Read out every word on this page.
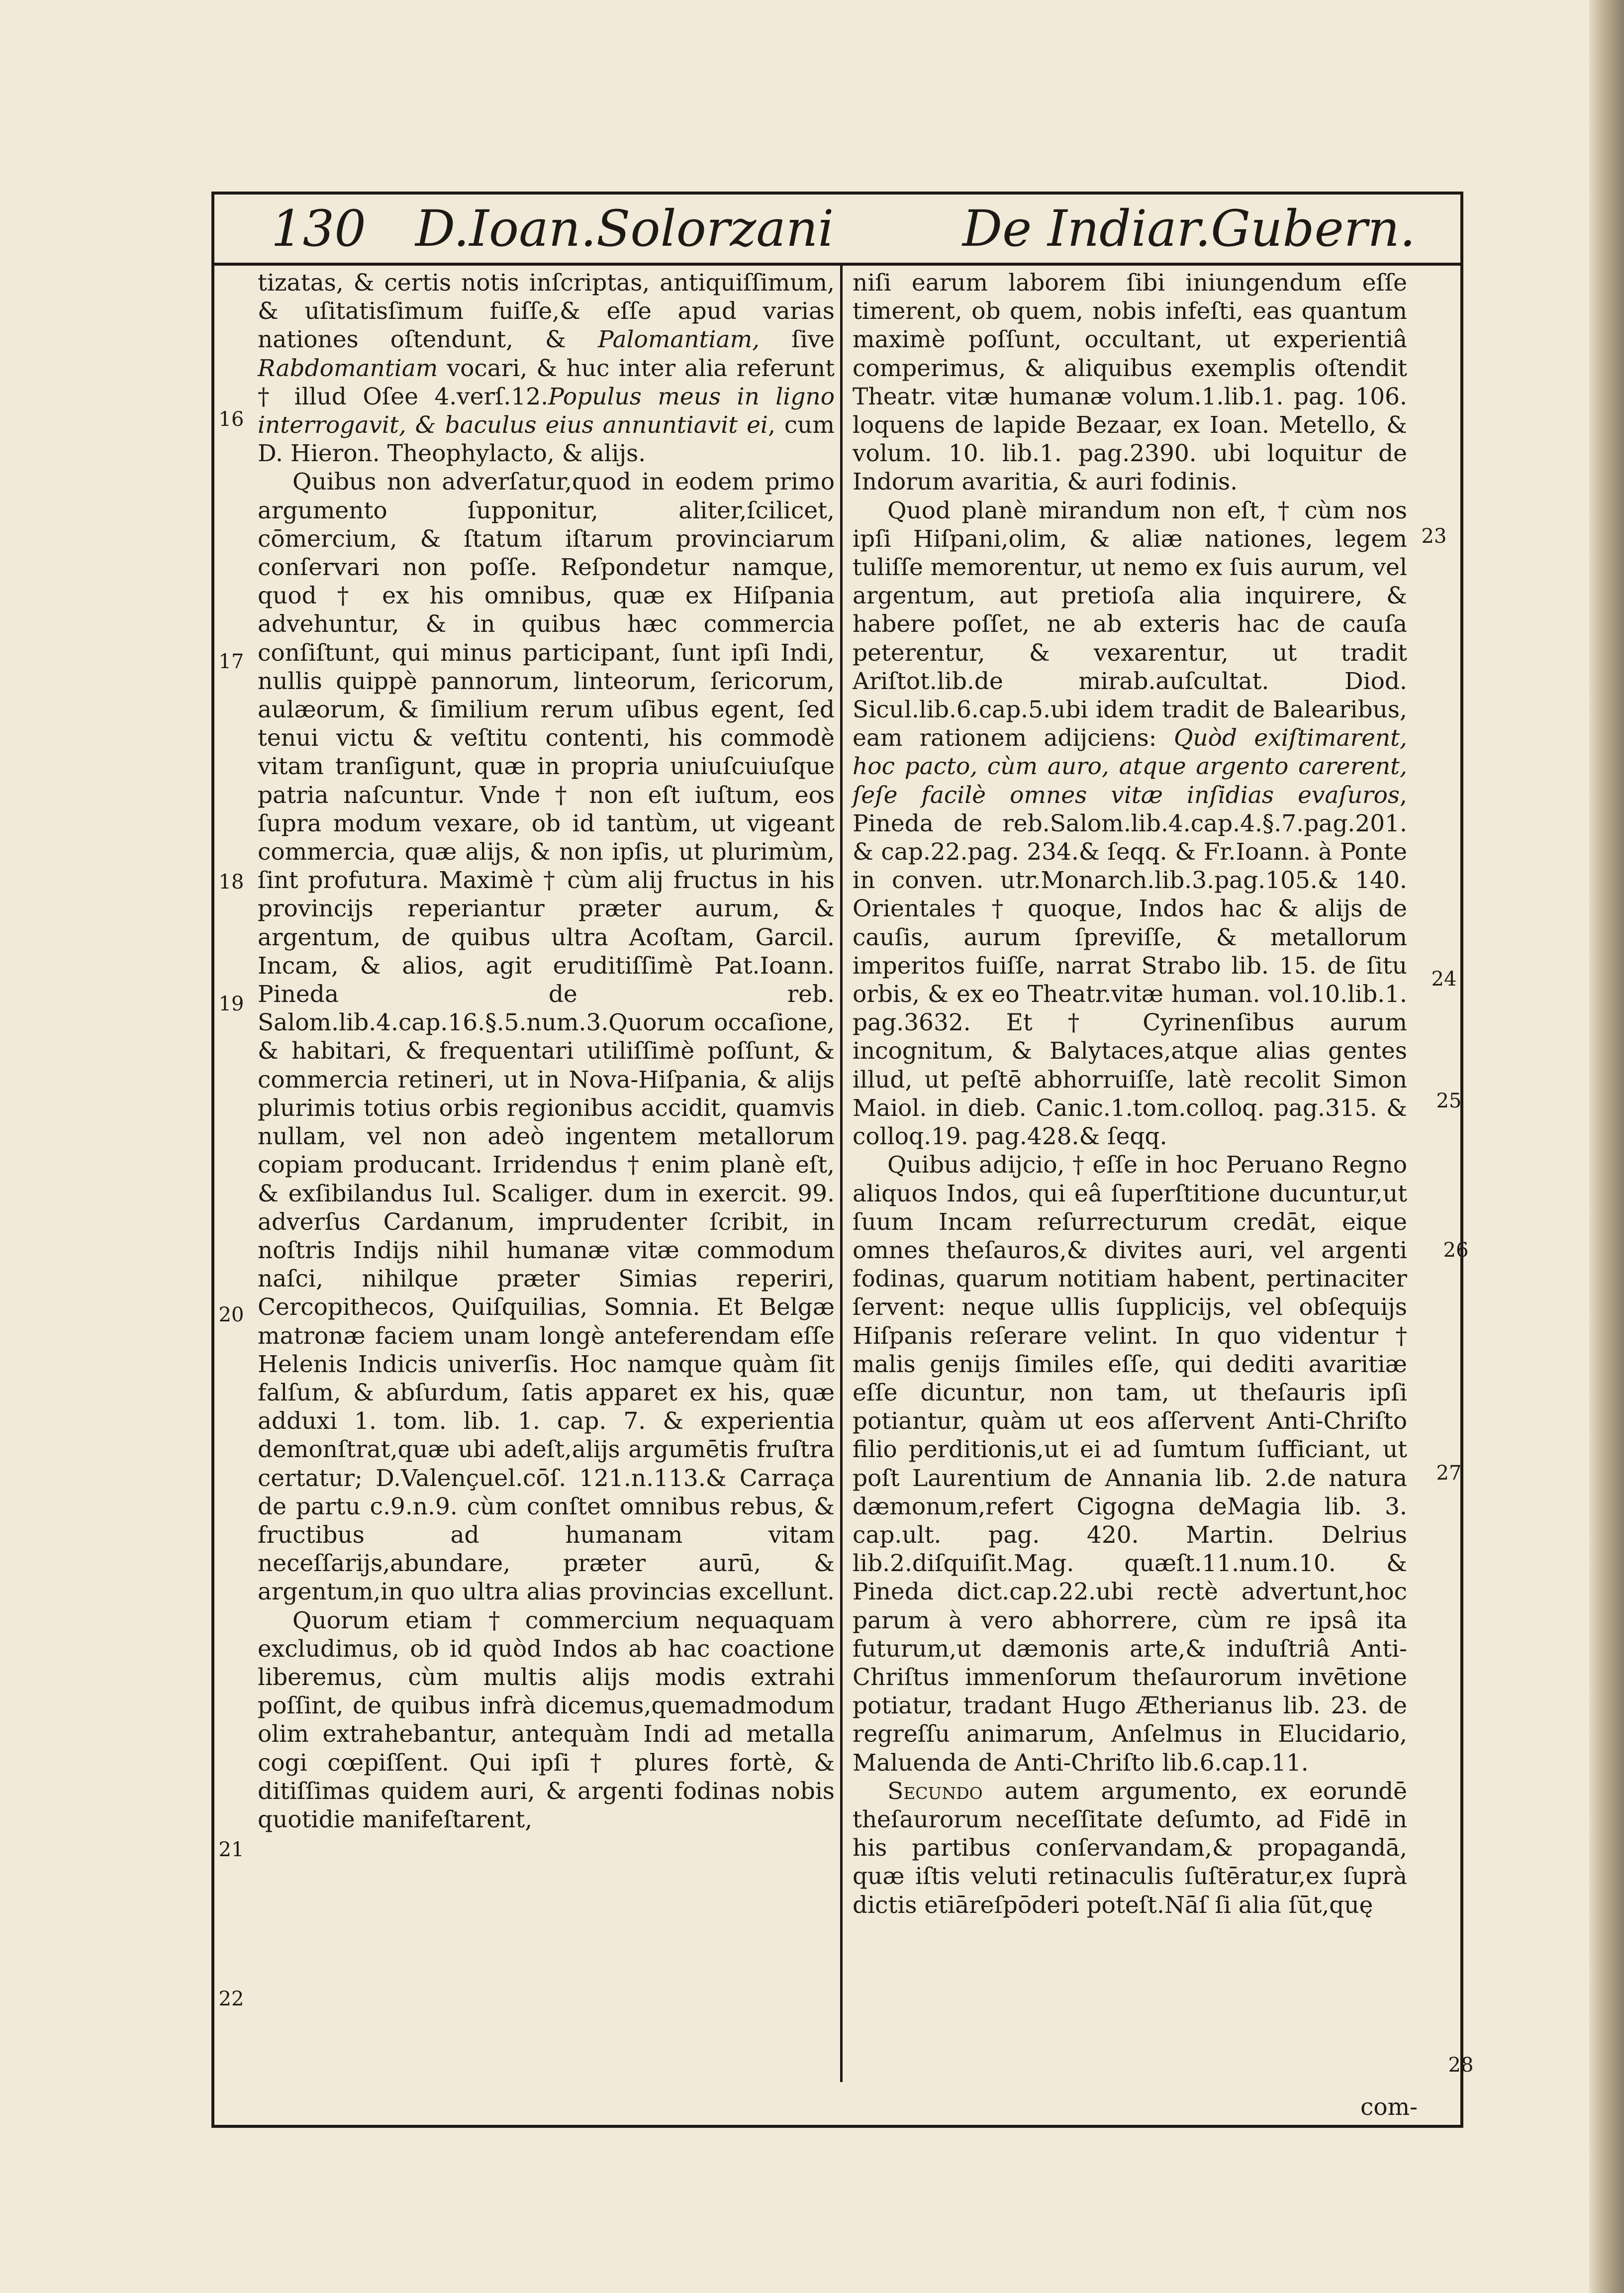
130 D.Ioan.Solorzani	De Indiar.Gubern.

tizatas, & certis notis inſcriptas, antiquiſſimum, & uſitatisſimum fuiſſe,& eſſe apud varias nationes oſtendunt, & Palomantiam, ſive Rabdomantiam vocari, & huc inter alia referunt † illud Oſee 4.verſ.12.Populus meus in ligno interrogavit, & baculus eius annuntiavit ei, cum D. Hieron. Theophylacto, & alijs.

Quibus non adverſatur,quod in eodem primo argumento ſupponitur, aliter,ſcilicet, cōmercium, & ſtatum iſtarum provinciarum conſervari non poſſe. Reſpondetur namque, quod † ex his omnibus, quæ ex Hiſpania advehuntur, & in quibus hæc commercia conſiſtunt, qui minus participant, ſunt ipſi Indi, nullis quippè pannorum, linteorum, ſericorum, aulæorum, & ſimilium rerum uſibus egent, ſed tenui victu & veſtitu contenti, his commodè vitam tranſigunt, quæ in propria uniuſcuiuſque patria naſcuntur. Vnde † non eſt iuſtum, eos ſupra modum vexare, ob id tantùm, ut vigeant commercia, quæ alijs, & non ipſis, ut plurimùm, ſint profutura. Maximè † cùm alij fructus in his provincijs reperiantur præter aurum, & argentum, de quibus ultra Acoſtam, Garcil. Incam, & alios, agit eruditiſſimè Pat.Ioann. Pineda de reb. Salom.lib.4.cap.16.§.5.num.3.Quorum occaſione, & habitari, & frequentari utiliſſimè poſſunt, & commercia retineri, ut in Nova-Hiſpania, & alijs plurimis totius orbis regionibus accidit, quamvis nullam, vel non adeò ingentem metallorum copiam producant. Irridendus † enim planè eſt, & exſibilandus Iul. Scaliger. dum in exercit. 99. adverſus Cardanum, imprudenter ſcribit, in noſtris Indijs nihil humanæ vitæ commodum naſci, nihilque præter Simias reperiri, Cercopithecos, Quiſquilias, Somnia. Et Belgæ matronæ faciem unam longè anteferendam eſſe Helenis Indicis univerſis. Hoc namque quàm ſit falſum, & abſurdum, ſatis apparet ex his, quæ adduxi 1. tom. lib. 1. cap. 7. & experientia demonſtrat,quæ ubi adeſt,alijs argumētis fruſtra certatur; D.Valençuel.cōſ. 121.n.113.& Carraça de partu c.9.n.9. cùm conſtet omnibus rebus, & fructibus ad humanam vitam neceſſarijs,abundare, præter aurū, & argentum,in quo ultra alias provincias excellunt.

Quorum etiam † commercium nequaquam excludimus, ob id quòd Indos ab hac coactione liberemus, cùm multis alijs modis extrahi poſſint, de quibus infrà dicemus,quemadmodum olim extrahebantur, antequàm Indi ad metalla cogi cœpiſſent. Qui ipſi † plures fortè, & ditiſſimas quidem auri, & argenti fodinas nobis quotidie manifeſtarent,

niſi earum laborem ſibi iniungendum eſſe timerent, ob quem, nobis infeſti, eas quantum maximè poſſunt, occultant, ut experientiâ comperimus, & aliquibus exemplis oſtendit Theatr. vitæ humanæ volum.1.lib.1. pag. 106. loquens de lapide Bezaar, ex Ioan. Metello, & volum. 10. lib.1. pag.2390. ubi loquitur de Indorum avaritia, & auri fodinis.

Quod planè mirandum non eſt, † cùm nos ipſi Hiſpani,olim, & aliæ nationes, legem tuliſſe memorentur, ut nemo ex ſuis aurum, vel argentum, aut pretioſa alia inquirere, & habere poſſet, ne ab exteris hac de cauſa peterentur, & vexarentur, ut tradit Ariſtot.lib.de mirab.auſcultat. Diod. Sicul.lib.6.cap.5.ubi idem tradit de Balearibus, eam rationem adijciens: Quòd exiſtimarent, hoc pacto, cùm auro, atque argento carerent, ſeſe facilè omnes vitæ inſidias evaſuros, Pineda de reb.Salom.lib.4.cap.4.§.7.pag.201. & cap.22.pag. 234.& ſeqq. & Fr.Ioann. à Ponte in conven. utr.Monarch.lib.3.pag.105.& 140. Orientales † quoque, Indos hac & alijs de cauſis, aurum ſpreviſſe, & metallorum imperitos fuiſſe, narrat Strabo lib. 15. de ſitu orbis, & ex eo Theatr.vitæ human. vol.10.lib.1. pag.3632. Et † Cyrinenſibus aurum incognitum, & Balytaces,atque alias gentes illud, ut peſtē abhorruiſſe, latè recolit Simon Maiol. in dieb. Canic.1.tom.colloq. pag.315. & colloq.19. pag.428.& ſeqq.

Quibus adijcio, † eſſe in hoc Peruano Regno aliquos Indos, qui eâ ſuperſtitione ducuntur,ut ſuum Incam reſurrecturum credāt, eique omnes theſauros,& divites auri, vel argenti fodinas, quarum notitiam habent, pertinaciter ſervent: neque ullis ſupplicijs, vel obſequijs Hiſpanis reſerare velint. In quo videntur † malis genijs ſimiles eſſe, qui dediti avaritiæ eſſe dicuntur, non tam, ut theſauris ipſi potiantur, quàm ut eos aſſervent Anti-Chriſto filio perditionis,ut ei ad ſumtum ſufficiant, ut poſt Laurentium de Annania lib. 2.de natura dæmonum,refert Cigogna deMagia lib. 3. cap.ult. pag. 420. Martin. Delrius lib.2.diſquiſit.Mag. quæſt.11.num.10. & Pineda dict.cap.22.ubi rectè advertunt,hoc parum à vero abhorrere, cùm re ipsâ ita futurum,ut dæmonis arte,& induſtriâ Anti-Chriſtus immenſorum theſaurorum invētione potiatur, tradant Hugo Ætherianus lib. 23. de regreſſu animarum, Anſelmus in Elucidario, Maluenda de Anti-Chriſto lib.6.cap.11.

Secundo autem argumento, ex eorundē theſaurorum neceſſitate deſumto, ad Fidē in his partibus conſervandam,& propagandā, quæ iſtis veluti retinaculis ſuſtēratur,ex ſuprà dictis etiāreſpōderi poteſt.Nāſ ſi alia ſūt,quę

16
17
18
19
20
21
22
23
24
25
26
27
28
com-
